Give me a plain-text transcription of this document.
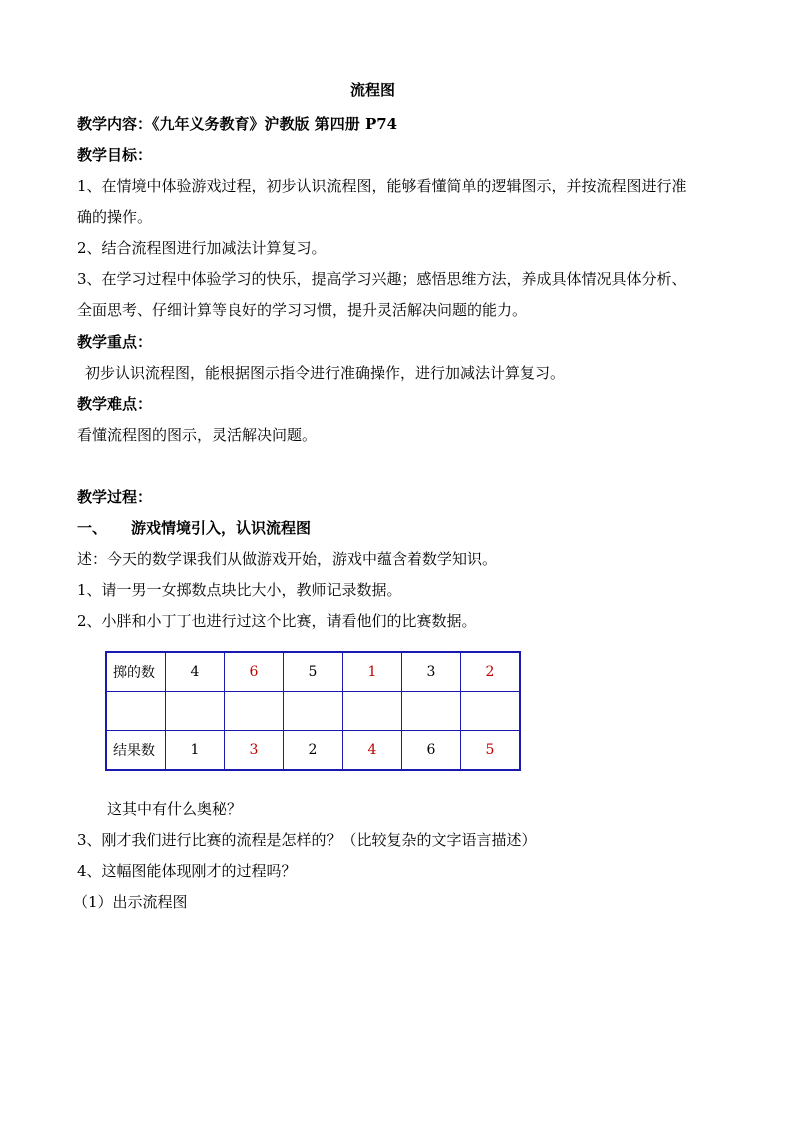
流程图
教学内容：《九年义务教育》沪教版 第四册 P74
教学目标：
1、在情境中体验游戏过程，初步认识流程图，能够看懂简单的逻辑图示，并按流程图进行准
确的操作。
2、结合流程图进行加减法计算复习。
3、在学习过程中体验学习的快乐，提高学习兴趣；感悟思维方法，养成具体情况具体分析、
全面思考、仔细计算等良好的学习习惯，提升灵活解决问题的能力。
教学重点：
初步认识流程图，能根据图示指令进行准确操作，进行加减法计算复习。
教学难点：
看懂流程图的图示，灵活解决问题。
教学过程：
一、 游戏情境引入，认识流程图
述：今天的数学课我们从做游戏开始，游戏中蕴含着数学知识。
1、请一男一女掷数点块比大小，教师记录数据。
2、小胖和小丁丁也进行过这个比赛，请看他们的比赛数据。
掷的数	4	6	5	1	3	2

结果数	1	3	2	4	6	5
这其中有什么奥秘？
3、刚才我们进行比赛的流程是怎样的？（比较复杂的文字语言描述）
4、这幅图能体现刚才的过程吗？
（1）出示流程图
